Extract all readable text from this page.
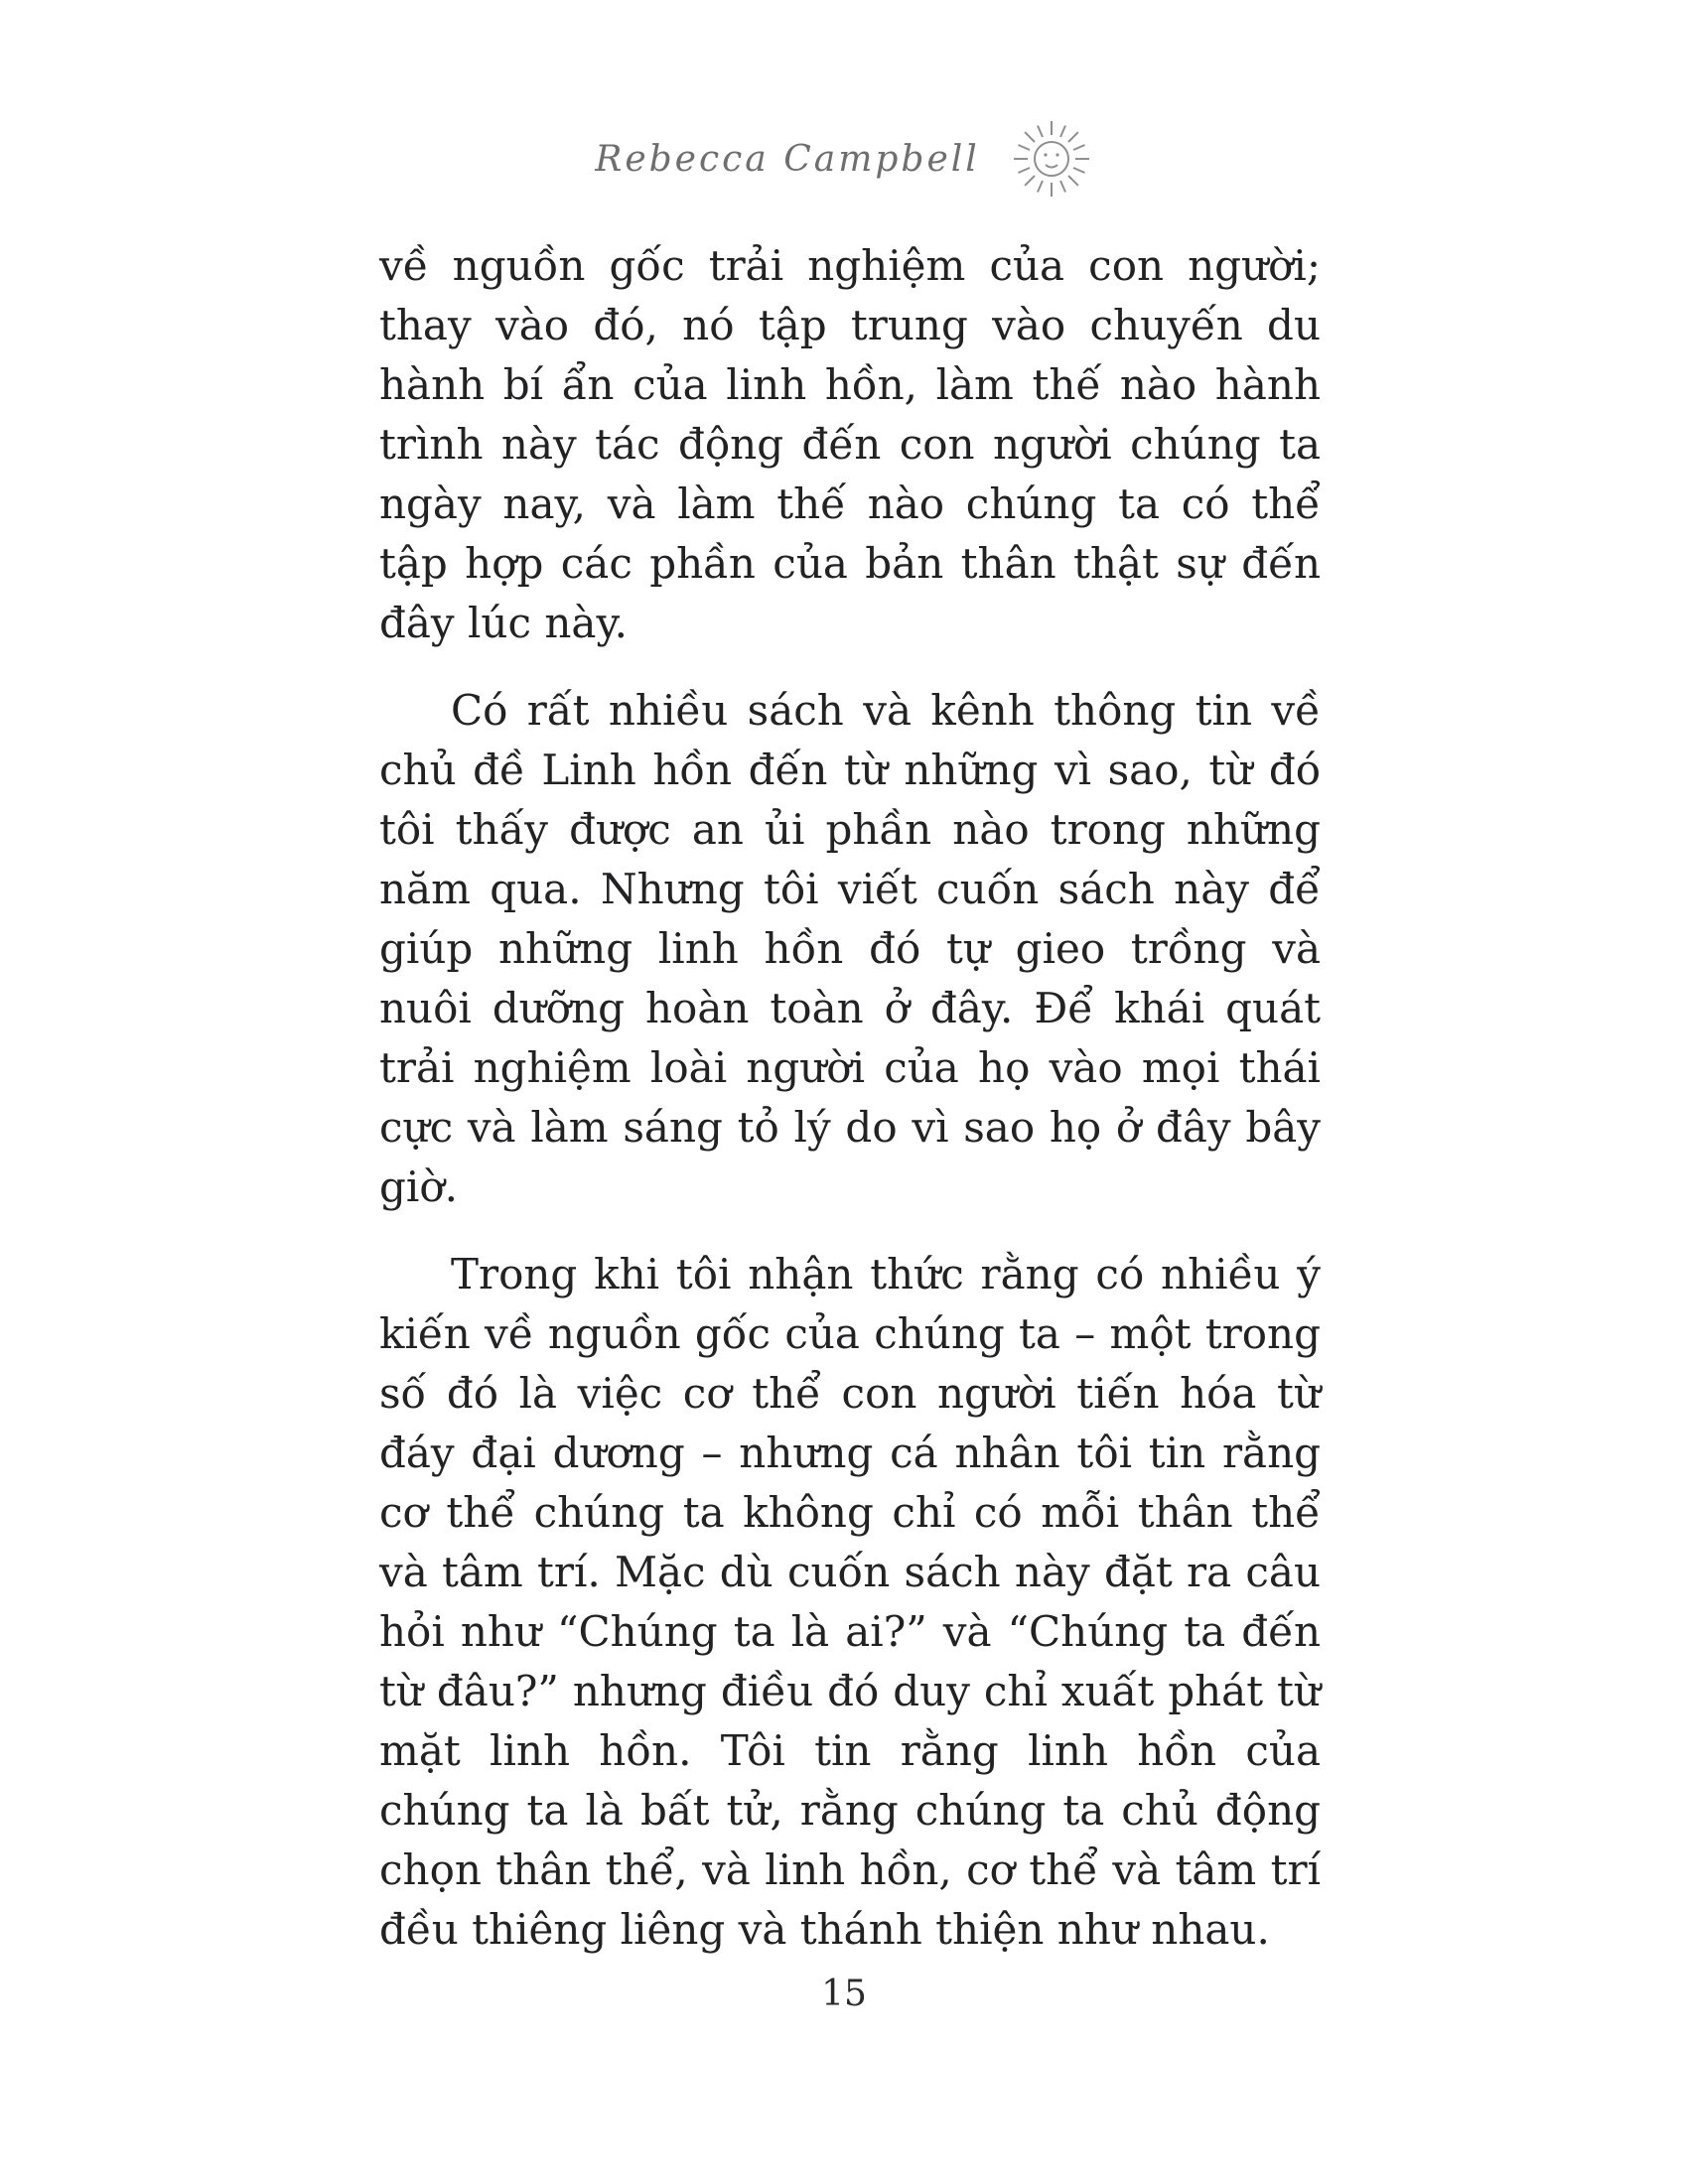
Rebecca Campbell

về nguồn gốc trải nghiệm của con người; thay vào đó, nó tập trung vào chuyến du hành bí ẩn của linh hồn, làm thế nào hành trình này tác động đến con người chúng ta ngày nay, và làm thế nào chúng ta có thể tập hợp các phần của bản thân thật sự đến đây lúc này.

Có rất nhiều sách và kênh thông tin về chủ đề Linh hồn đến từ những vì sao, từ đó tôi thấy được an ủi phần nào trong những năm qua. Nhưng tôi viết cuốn sách này để giúp những linh hồn đó tự gieo trồng và nuôi dưỡng hoàn toàn ở đây. Để khái quát trải nghiệm loài người của họ vào mọi thái cực và làm sáng tỏ lý do vì sao họ ở đây bây giờ.

Trong khi tôi nhận thức rằng có nhiều ý kiến về nguồn gốc của chúng ta – một trong số đó là việc cơ thể con người tiến hóa từ đáy đại dương – nhưng cá nhân tôi tin rằng cơ thể chúng ta không chỉ có mỗi thân thể và tâm trí. Mặc dù cuốn sách này đặt ra câu hỏi như “Chúng ta là ai?” và “Chúng ta đến từ đâu?” nhưng điều đó duy chỉ xuất phát từ mặt linh hồn. Tôi tin rằng linh hồn của chúng ta là bất tử, rằng chúng ta chủ động chọn thân thể, và linh hồn, cơ thể và tâm trí đều thiêng liêng và thánh thiện như nhau.

15
